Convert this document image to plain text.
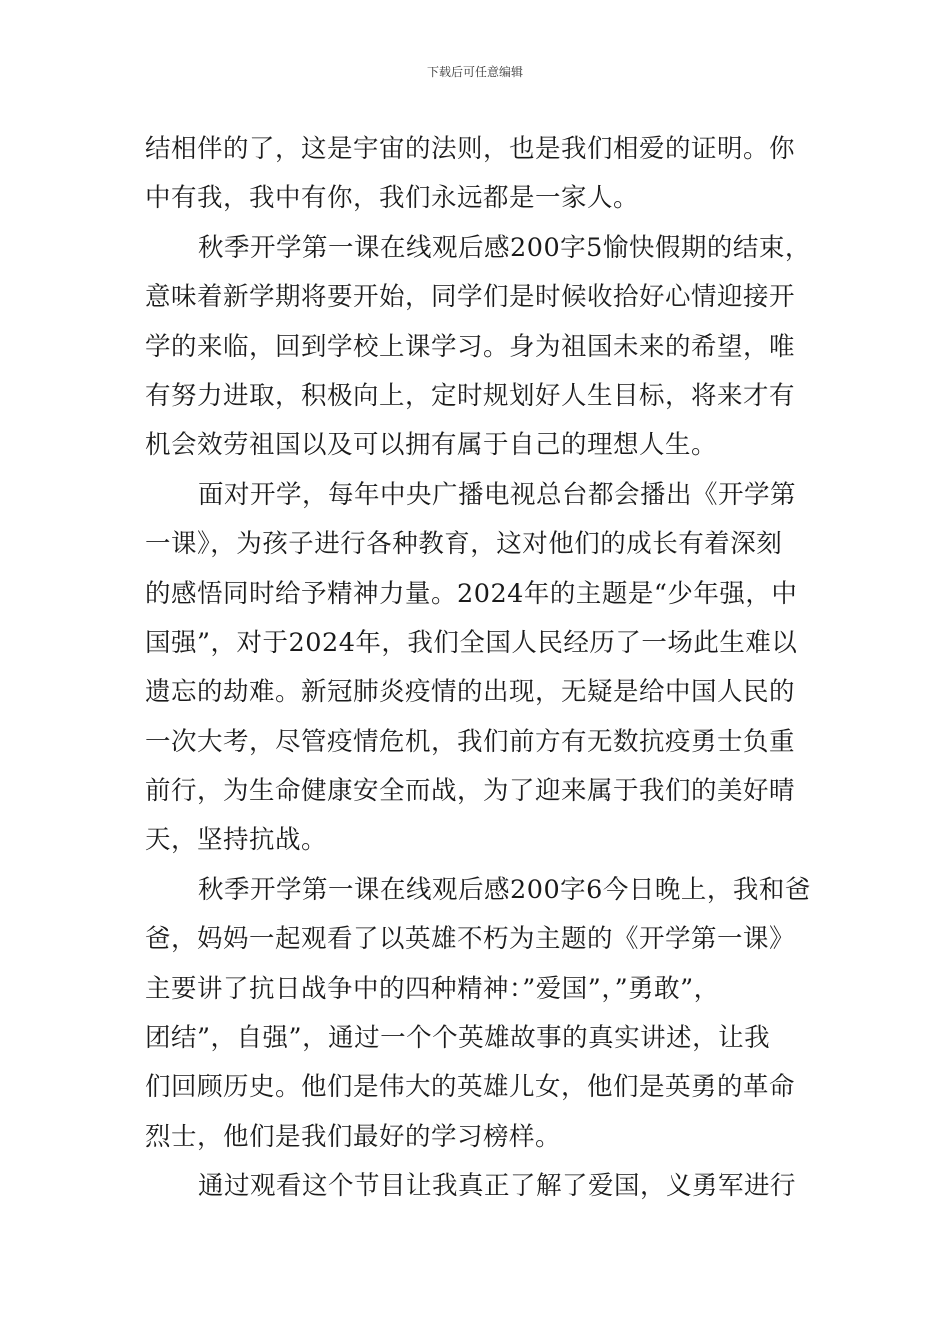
下载后可任意编辑
结相伴的了，这是宇宙的法则，也是我们相爱的证明。你
中有我，我中有你，我们永远都是一家人。
秋季开学第一课在线观后感200字5愉快假期的结束，
意味着新学期将要开始，同学们是时候收拾好心情迎接开
学的来临，回到学校上课学习。身为祖国未来的希望，唯
有努力进取，积极向上，定时规划好人生目标，将来才有
机会效劳祖国以及可以拥有属于自己的理想人生。
面对开学，每年中央广播电视总台都会播出《开学第
一课》，为孩子进行各种教育，这对他们的成长有着深刻
的感悟同时给予精神力量。2024年的主题是“少年强，中
国强”，对于2024年，我们全国人民经历了一场此生难以
遗忘的劫难。新冠肺炎疫情的出现，无疑是给中国人民的
一次大考，尽管疫情危机，我们前方有无数抗疫勇士负重
前行，为生命健康安全而战，为了迎来属于我们的美好晴
天，坚持抗战。
秋季开学第一课在线观后感200字6今日晚上，我和爸
爸，妈妈一起观看了以英雄不朽为主题的《开学第一课》
主要讲了抗日战争中的四种精神：”爱国”，”勇敢”，
团结”，自强”，通过一个个英雄故事的真实讲述，让我
们回顾历史。他们是伟大的英雄儿女，他们是英勇的革命
烈士，他们是我们最好的学习榜样。
通过观看这个节目让我真正了解了爱国，义勇军进行
